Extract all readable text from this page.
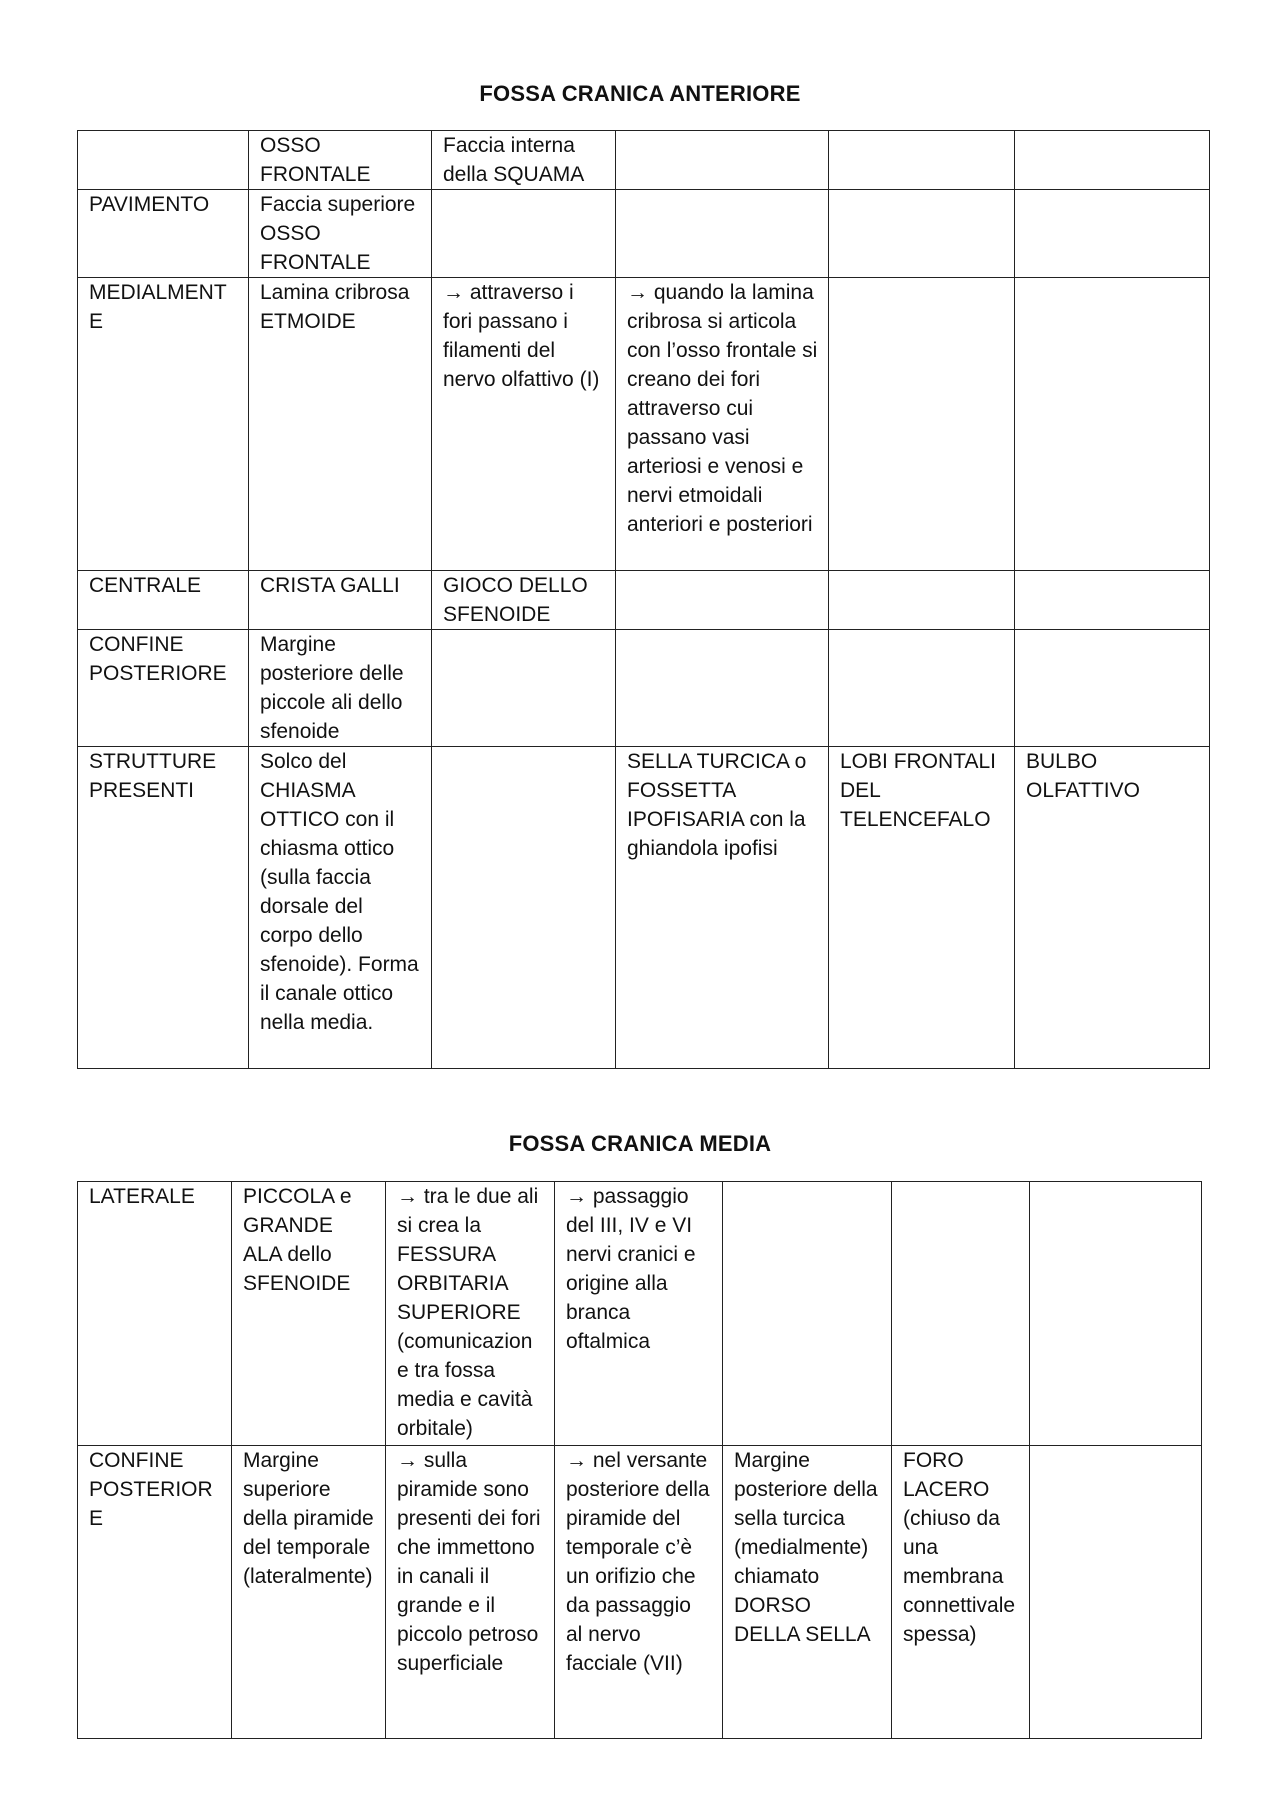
FOSSA CRANICA ANTERIORE
	OSSO FRONTALE	Faccia interna della SQUAMA			
PAVIMENTO	Faccia superiore OSSO FRONTALE				
MEDIALMENTE	Lamina cribrosa ETMOIDE	→ attraverso i fori passano i filamenti del nervo olfattivo (I)	→ quando la lamina cribrosa si articola con l’osso frontale si creano dei fori attraverso cui passano vasi arteriosi e venosi e nervi etmoidali anteriori e posteriori		
CENTRALE	CRISTA GALLI	GIOCO DELLO SFENOIDE			
CONFINE POSTERIORE	Margine posteriore delle piccole ali dello sfenoide				
STRUTTURE PRESENTI	Solco del CHIASMA OTTICO con il chiasma ottico (sulla faccia dorsale del corpo dello sfenoide). Forma il canale ottico nella media.		SELLA TURCICA o FOSSETTA IPOFISARIA con la ghiandola ipofisi	LOBI FRONTALI DEL TELENCEFALO	BULBO OLFATTIVO
FOSSA CRANICA MEDIA
LATERALE	PICCOLA e GRANDE ALA dello SFENOIDE	→ tra le due ali si crea la FESSURA ORBITARIA SUPERIORE (comunicazione tra fossa media e cavità orbitale)	→ passaggio del III, IV e VI nervi cranici e origine alla branca oftalmica			
CONFINE POSTERIORE	Margine superiore della piramide del temporale (lateralmente)	→ sulla piramide sono presenti dei fori che immettono in canali il grande e il piccolo petroso superficiale	→ nel versante posteriore della piramide del temporale c’è un orifizio che da passaggio al nervo facciale (VII)	Margine posteriore della sella turcica (medialmente) chiamato DORSO DELLA SELLA	FORO LACERO (chiuso da una membrana connettivale spessa)	
